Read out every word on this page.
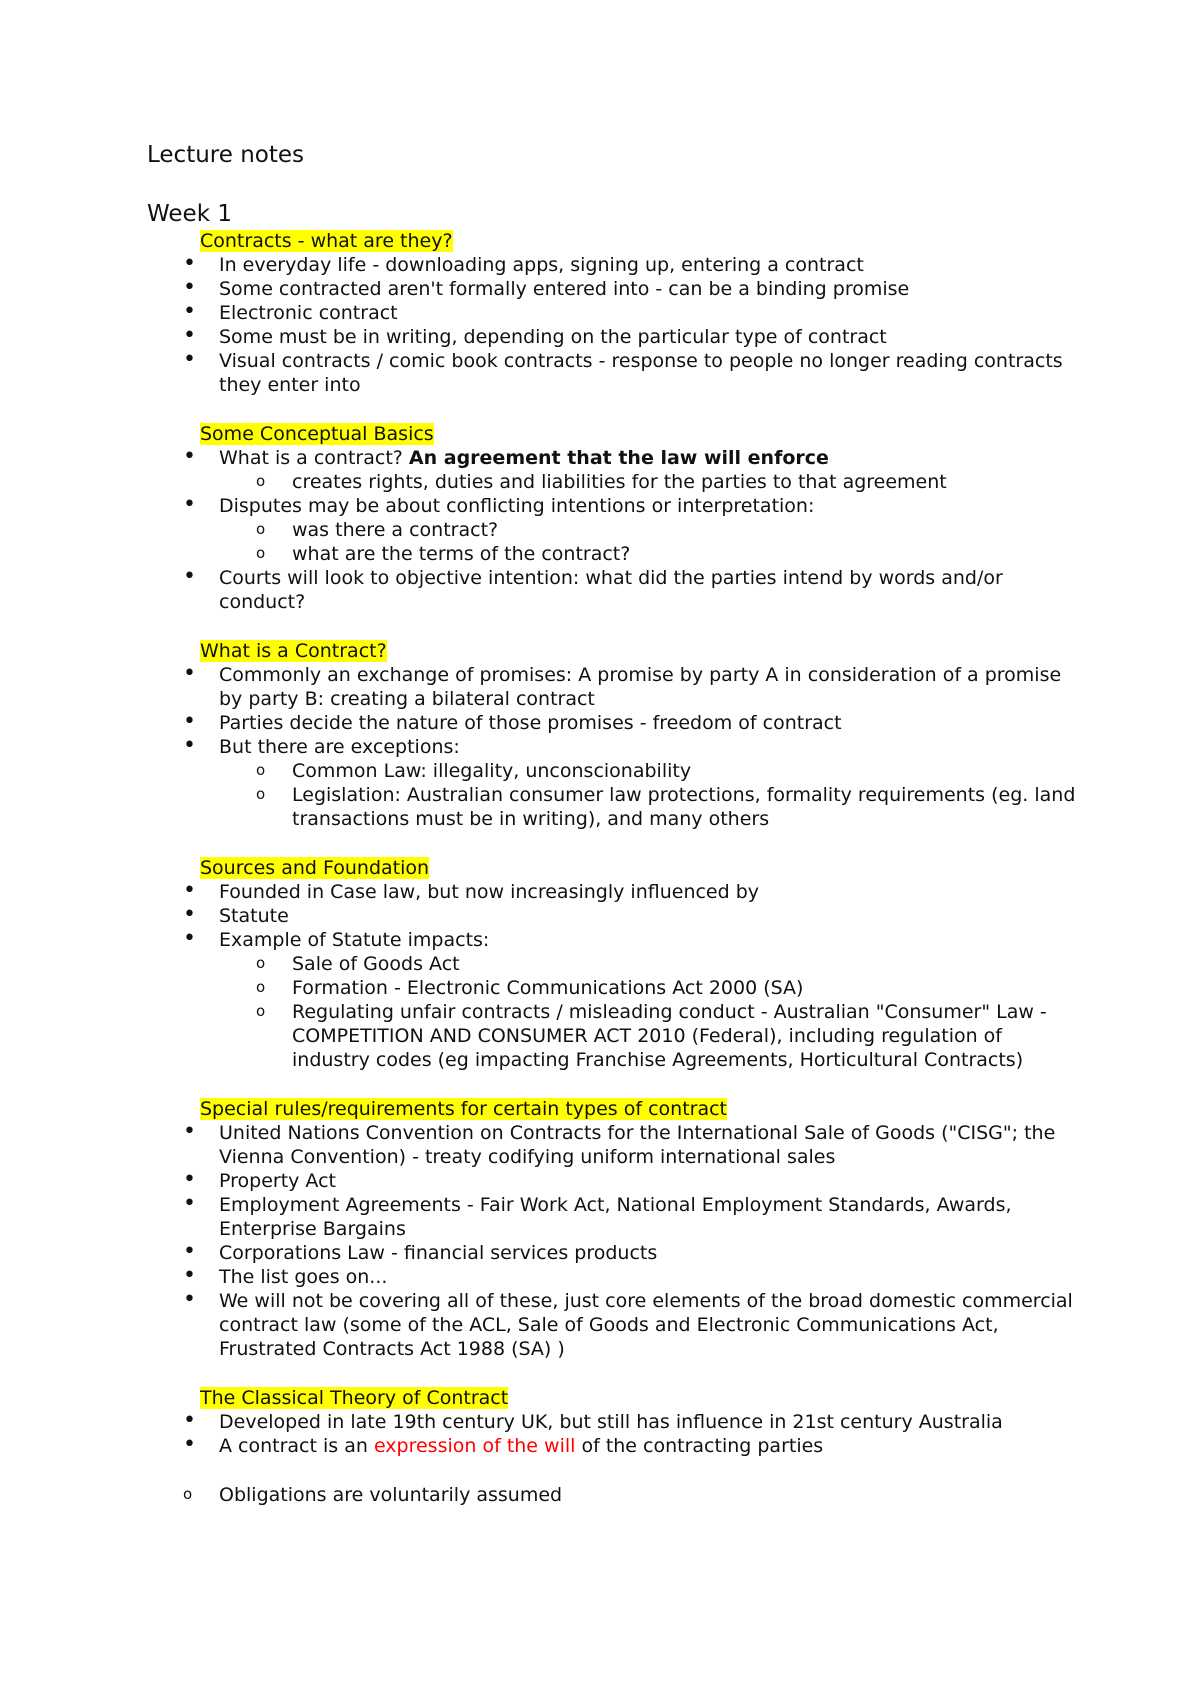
Lecture notes
Week 1
Contracts - what are they?
• In everyday life - downloading apps, signing up, entering a contract
• Some contracted aren't formally entered into - can be a binding promise
• Electronic contract
• Some must be in writing, depending on the particular type of contract
• Visual contracts / comic book contracts - response to people no longer reading contracts they enter into
Some Conceptual Basics
• What is a contract? An agreement that the law will enforce
o creates rights, duties and liabilities for the parties to that agreement
• Disputes may be about conflicting intentions or interpretation:
o was there a contract?
o what are the terms of the contract?
• Courts will look to objective intention: what did the parties intend by words and/or conduct?
What is a Contract?
• Commonly an exchange of promises: A promise by party A in consideration of a promise by party B: creating a bilateral contract
• Parties decide the nature of those promises - freedom of contract
• But there are exceptions:
o Common Law: illegality, unconscionability
o Legislation: Australian consumer law protections, formality requirements (eg. land transactions must be in writing), and many others
Sources and Foundation
• Founded in Case law, but now increasingly influenced by
• Statute
• Example of Statute impacts:
o Sale of Goods Act
o Formation - Electronic Communications Act 2000 (SA)
o Regulating unfair contracts / misleading conduct - Australian "Consumer" Law - COMPETITION AND CONSUMER ACT 2010 (Federal), including regulation of industry codes (eg impacting Franchise Agreements, Horticultural Contracts)
Special rules/requirements for certain types of contract
• United Nations Convention on Contracts for the International Sale of Goods ("CISG"; the Vienna Convention) - treaty codifying uniform international sales
• Property Act
• Employment Agreements - Fair Work Act, National Employment Standards, Awards, Enterprise Bargains
• Corporations Law - financial services products
• The list goes on...
• We will not be covering all of these, just core elements of the broad domestic commercial contract law (some of the ACL, Sale of Goods and Electronic Communications Act, Frustrated Contracts Act 1988 (SA) )
The Classical Theory of Contract
• Developed in late 19th century UK, but still has influence in 21st century Australia
• A contract is an expression of the will of the contracting parties
o Obligations are voluntarily assumed
